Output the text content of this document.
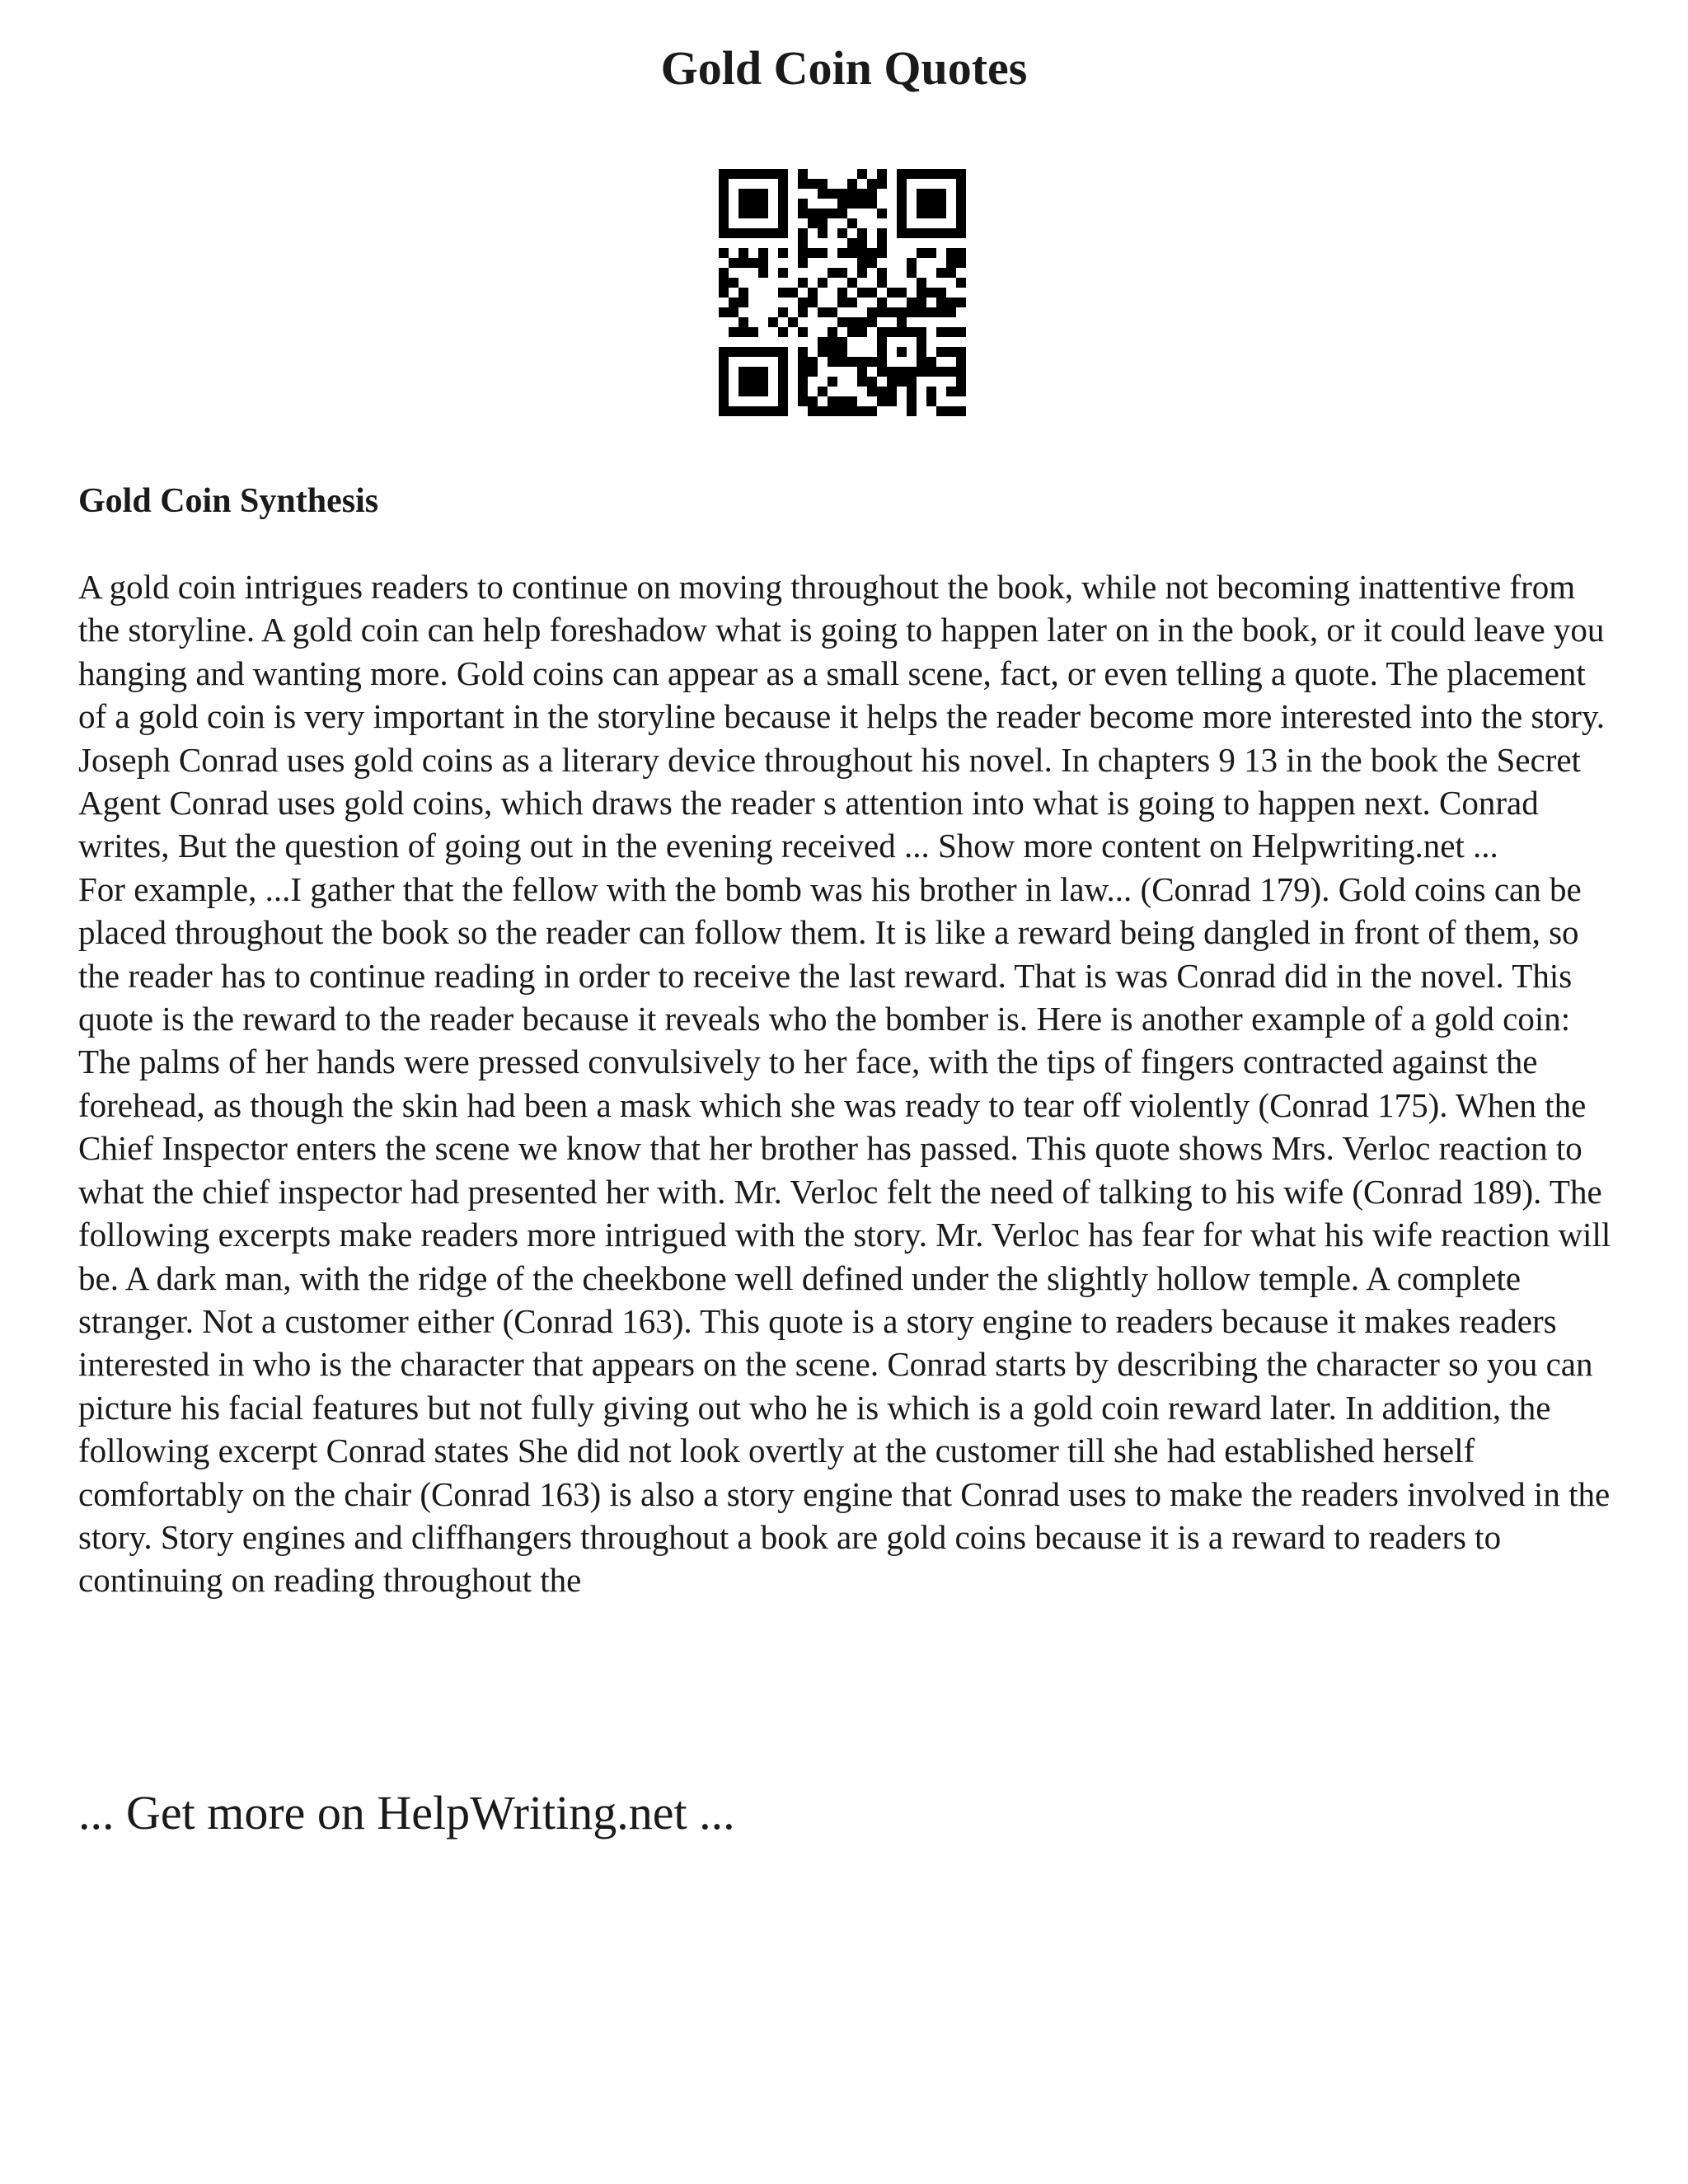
Gold Coin Quotes
Gold Coin Synthesis

A gold coin intrigues readers to continue on moving throughout the book, while not becoming inattentive from the storyline. A gold coin can help foreshadow what is going to happen later on in the book, or it could leave you hanging and wanting more. Gold coins can appear as a small scene, fact, or even telling a quote. The placement of a gold coin is very important in the storyline because it helps the reader become more interested into the story. Joseph Conrad uses gold coins as a literary device throughout his novel. In chapters 9 13 in the book the Secret Agent Conrad uses gold coins, which draws the reader s attention into what is going to happen next. Conrad writes, But the question of going out in the evening received ... Show more content on Helpwriting.net ...

For example, ...I gather that the fellow with the bomb was his brother in law... (Conrad 179). Gold coins can be placed throughout the book so the reader can follow them. It is like a reward being dangled in front of them, so the reader has to continue reading in order to receive the last reward. That is was Conrad did in the novel. This quote is the reward to the reader because it reveals who the bomber is. Here is another example of a gold coin: The palms of her hands were pressed convulsively to her face, with the tips of fingers contracted against the forehead, as though the skin had been a mask which she was ready to tear off violently (Conrad 175). When the Chief Inspector enters the scene we know that her brother has passed. This quote shows Mrs. Verloc reaction to what the chief inspector had presented her with. Mr. Verloc felt the need of talking to his wife (Conrad 189). The following excerpts make readers more intrigued with the story. Mr. Verloc has fear for what his wife reaction will be. A dark man, with the ridge of the cheekbone well defined under the slightly hollow temple. A complete stranger. Not a customer either (Conrad 163). This quote is a story engine to readers because it makes readers interested in who is the character that appears on the scene. Conrad starts by describing the character so you can picture his facial features but not fully giving out who he is which is a gold coin reward later. In addition, the following excerpt Conrad states She did not look overtly at the customer till she had established herself comfortably on the chair (Conrad 163) is also a story engine that Conrad uses to make the readers involved in the story. Story engines and cliffhangers throughout a book are gold coins because it is a reward to readers to continuing on reading throughout the

... Get more on HelpWriting.net ...
